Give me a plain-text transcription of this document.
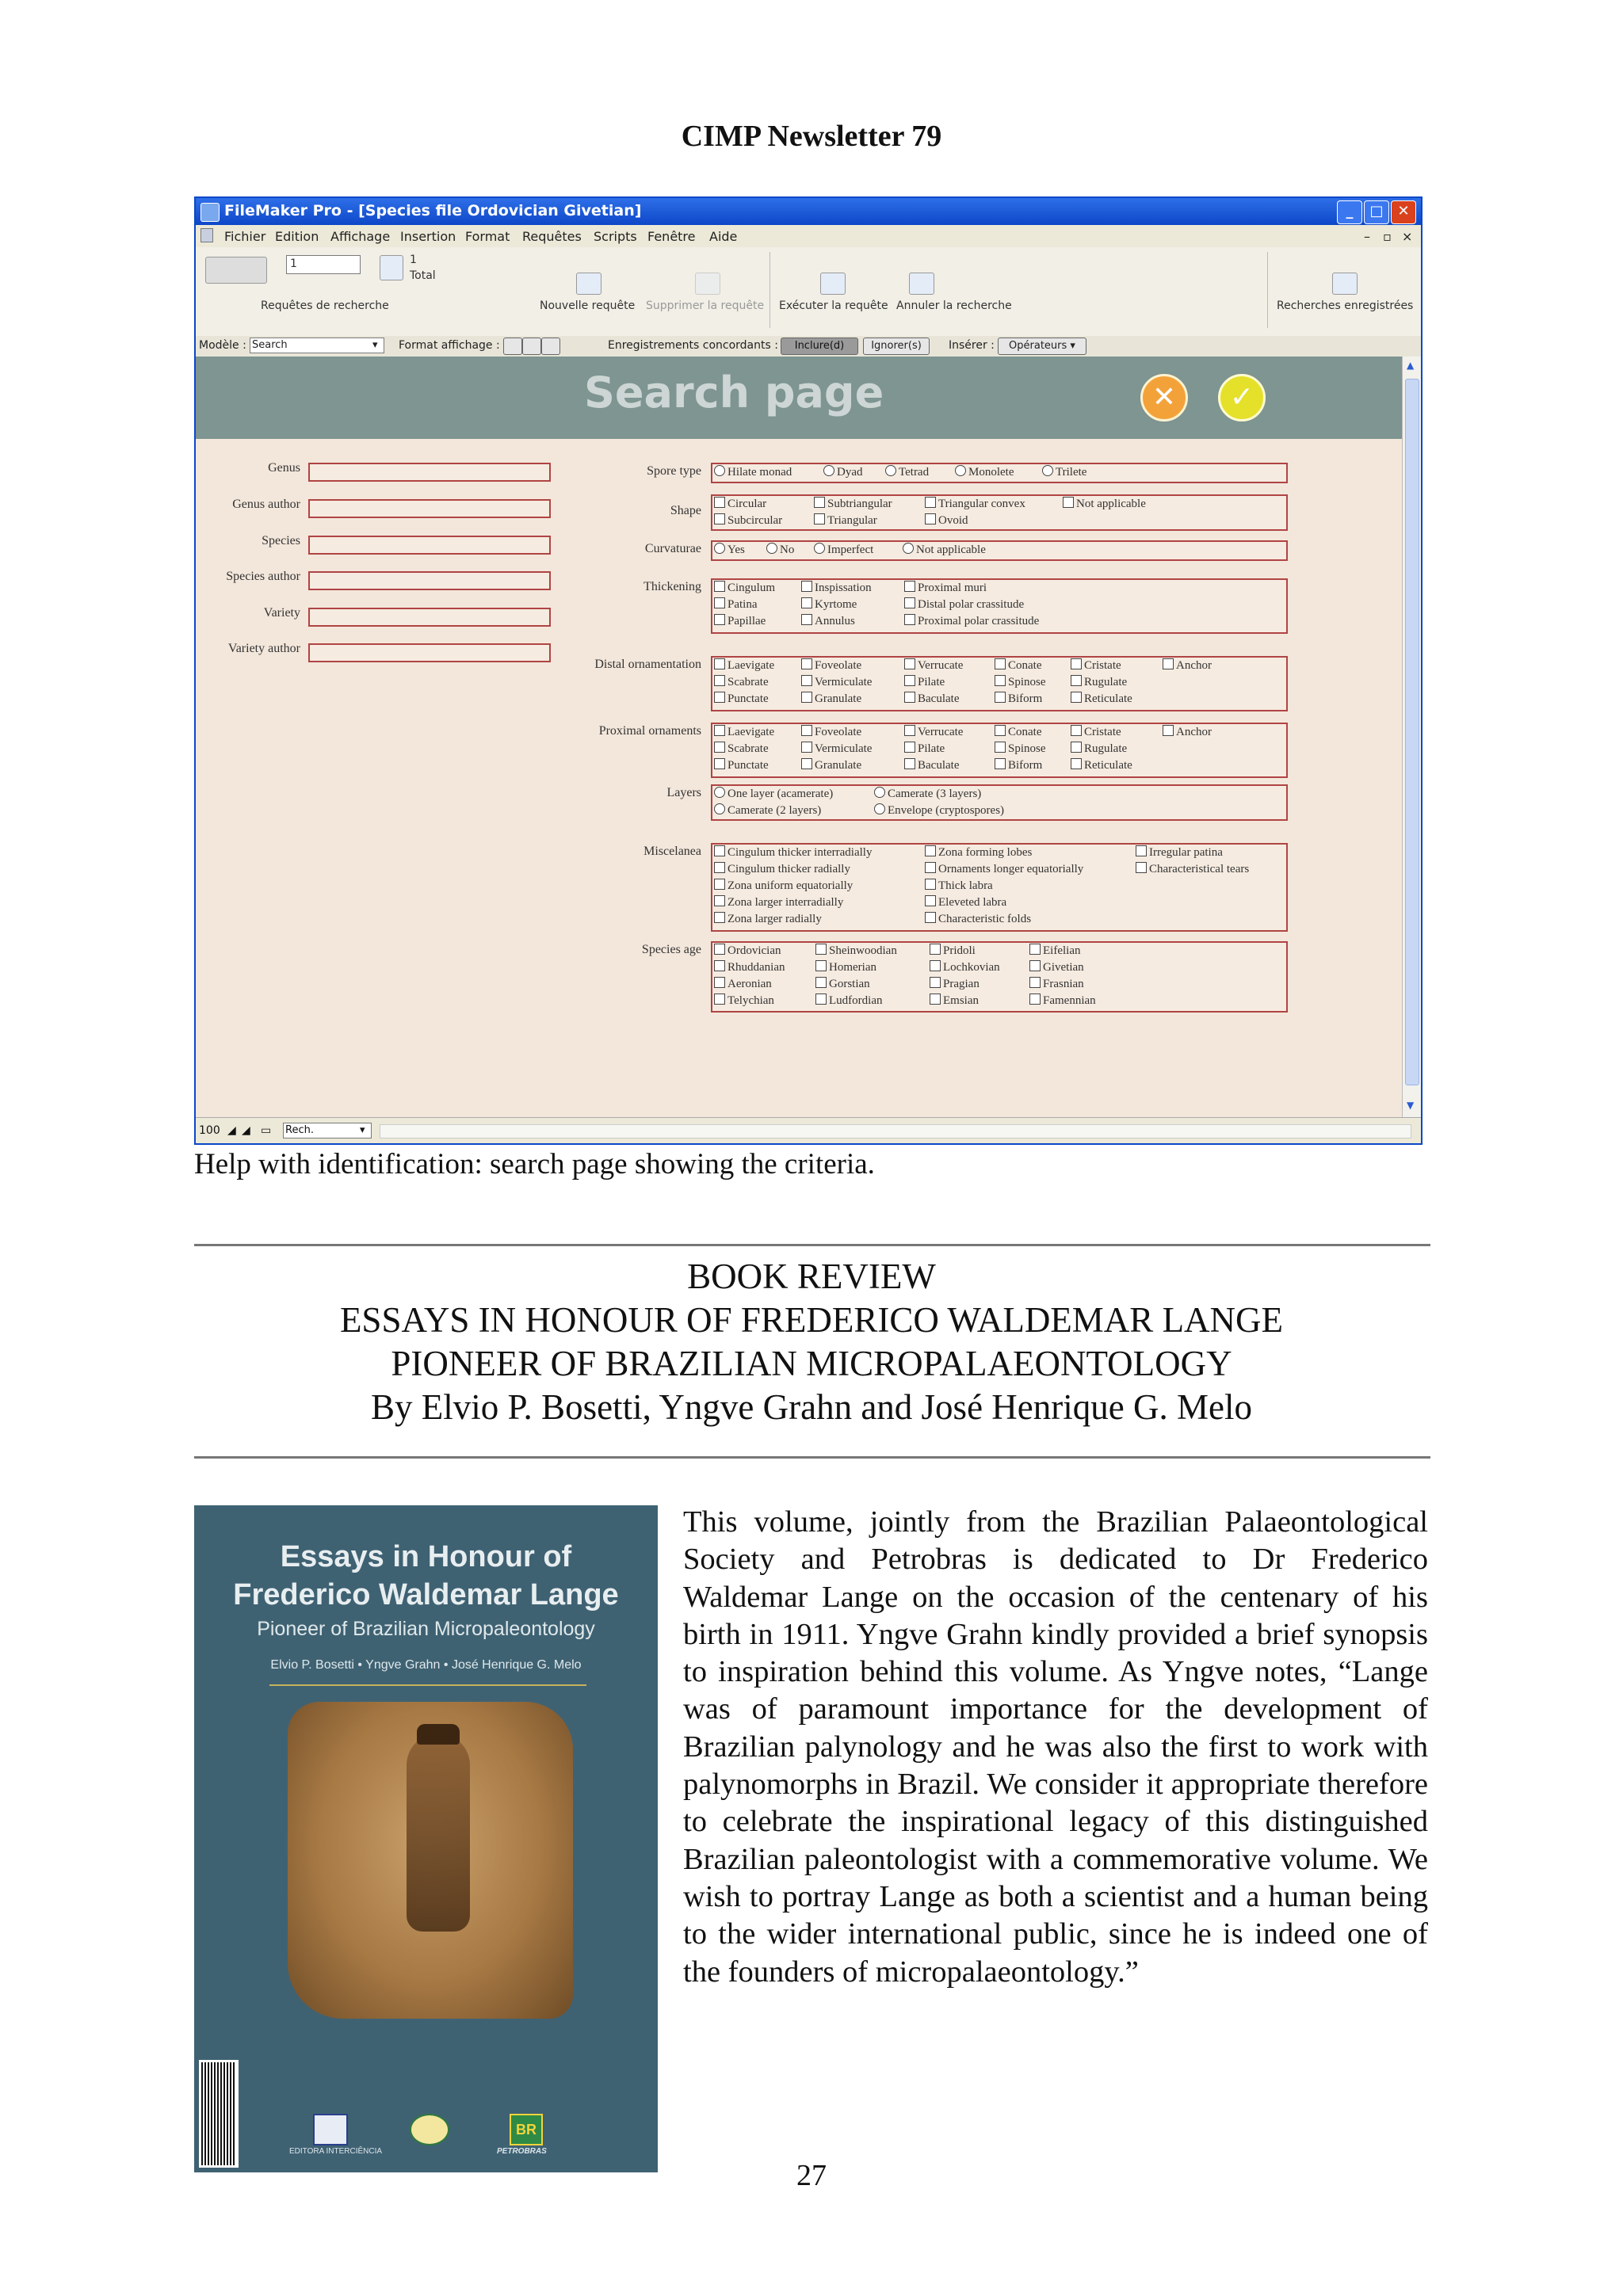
CIMP Newsletter 79
FileMaker Pro - [Species file Ordovician Givetian]	_	□ ✕
Fichier Edition Affichage Insertion Format Requêtes Scripts Fenêtre Aide	– ▫ ×
1	1
Total
Requêtes de recherche	Nouvelle requête Supprimer la requête Exécuter la requête Annuler la recherche	Recherches enregistrées
Modèle : Search	▾ Format affichage :	Enregistrements concordants :	Inclure(d)	Ignorer(s)	Insérer :	Opérateurs ▾
Search page	✕	✓
Genus
Genus author
Species
Species author
Variety
Variety author
Spore type	Hilate monad	Dyad	Tetrad	Monolete	Trilete
Shape	Circular	Subtriangular	Triangular convex	Not applicable
Subcircular	Triangular	Ovoid
Curvaturae	Yes	No	Imperfect	Not applicable
Thickening	Cingulum	Inspissation	Proximal muri
Patina	Kyrtome	Distal polar crassitude
Papillae	Annulus	Proximal polar crassitude
Distal ornamentation	Laevigate	Foveolate	Verrucate	Conate	Cristate	Anchor
Scabrate	Vermiculate	Pilate	Spinose	Rugulate
Punctate	Granulate	Baculate	Biform	Reticulate
Proximal ornaments	Laevigate	Foveolate	Verrucate	Conate	Cristate	Anchor
Scabrate	Vermiculate	Pilate	Spinose	Rugulate
Punctate	Granulate	Baculate	Biform	Reticulate
Layers	One layer (acamerate)	Camerate (3 layers)
Camerate (2 layers)	Envelope (cryptospores)
Miscelanea	Cingulum thicker interradially	Zona forming lobes	Irregular patina
Cingulum thicker radially	Ornaments longer equatorially	Characteristical tears
Zona uniform equatorially	Thick labra
Zona larger interradially	Eleveted labra
Zona larger radially	Characteristic folds
Species age	Ordovician	Sheinwoodian	Pridoli	Eifelian
Rhuddanian	Homerian	Lochkovian	Givetian
Aeronian	Gorstian	Pragian	Frasnian
Telychian	Ludfordian	Emsian	Famennian
▲
▼
100 ◢ ◢ ▭ Rech.	▾
Help with identification: search page showing the criteria.
BOOK REVIEW
ESSAYS IN HONOUR OF FREDERICO WALDEMAR LANGE
PIONEER OF BRAZILIAN MICROPALAEONTOLOGY
By Elvio P. Bosetti, Yngve Grahn and José Henrique G. Melo
Essays in Honour of
Frederico Waldemar Lange
Pioneer of Brazilian Micropaleontology
Elvio P. Bosetti • Yngve Grahn • José Henrique G. Melo
EDITORA INTERCIÊNCIA
BR
PETROBRAS
This volume, jointly from the Brazilian Palaeontological Society and Petrobras is dedicated to Dr Frederico Waldemar Lange on the occasion of the centenary of his birth in 1911. Yngve Grahn kindly provided a brief synopsis to inspiration behind this volume. As Yngve notes, “Lange was of paramount importance for the development of Brazilian palynology and he was also the first to work with palynomorphs in Brazil. We consider it appropriate therefore to celebrate the inspirational legacy of this distinguished Brazilian paleontologist with a commemorative volume. We wish to portray Lange as both a scientist and a human being to the wider international public, since he is indeed one of the founders of micropalaeontology.”
27
